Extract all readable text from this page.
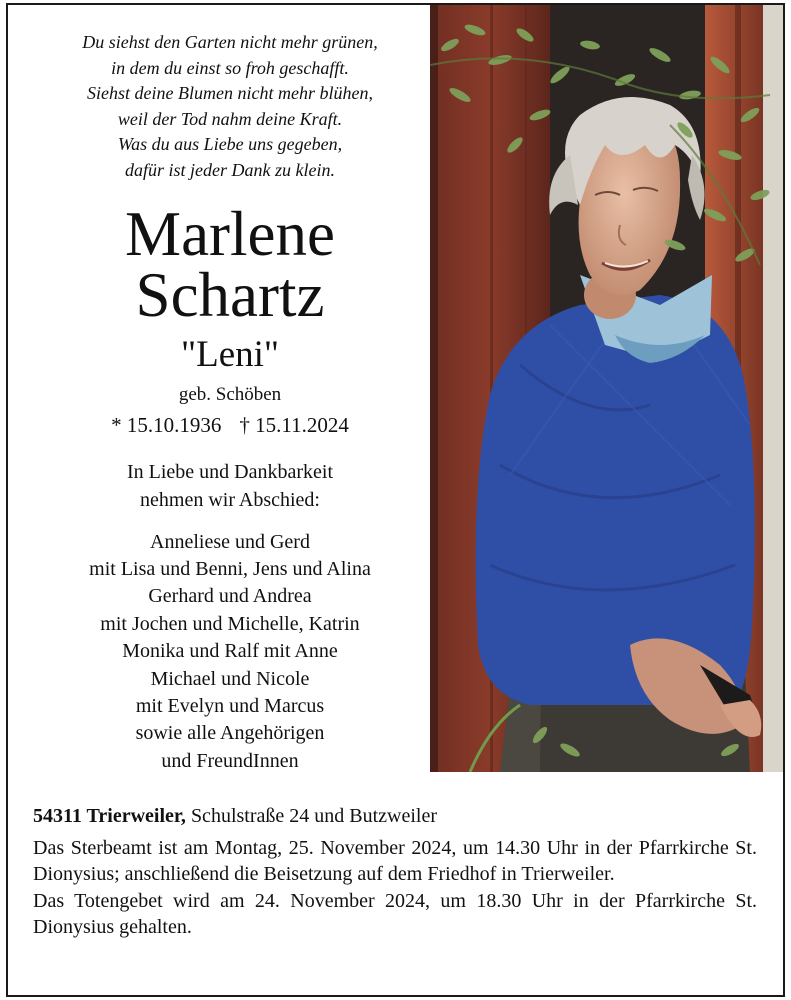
Du siehst den Garten nicht mehr grünen,
in dem du einst so froh geschafft.
Siehst deine Blumen nicht mehr blühen,
weil der Tod nahm deine Kraft.
Was du aus Liebe uns gegeben,
dafür ist jeder Dank zu klein.
Marlene
Schartz
"Leni"
geb. Schöben
* 15.10.1936 † 15.11.2024
In Liebe und Dankbarkeit
nehmen wir Abschied:
Anneliese und Gerd
mit Lisa und Benni, Jens und Alina
Gerhard und Andrea
mit Jochen und Michelle, Katrin
Monika und Ralf mit Anne
Michael und Nicole
mit Evelyn und Marcus
sowie alle Angehörigen
und FreundInnen
54311 Trierweiler, Schulstraße 24 und Butzweiler
Das Sterbeamt ist am Montag, 25. November 2024, um 14.30 Uhr in der Pfarrkirche St. Dionysius; anschließend die Beisetzung auf dem Friedhof in Trierweiler.
Das Totengebet wird am 24. November 2024, um 18.30 Uhr in der Pfarrkirche St. Dionysius gehalten.
